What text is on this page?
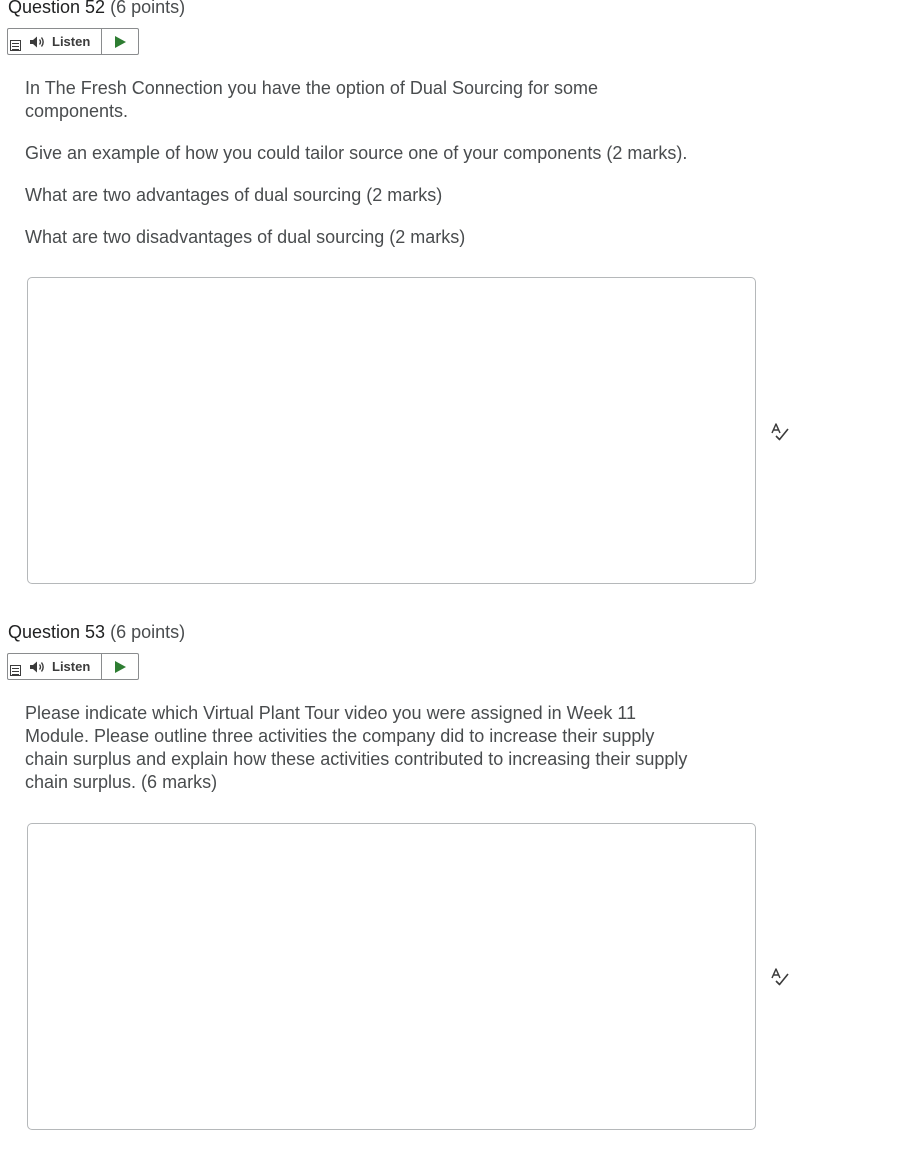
Question 52 (6 points)
Listen

In The Fresh Connection you have the option of Dual Sourcing for some

components.

Give an example of how you could tailor source one of your components (2 marks).

What are two advantages of dual sourcing (2 marks)

What are two disadvantages of dual sourcing (2 marks)

Question 53 (6 points)
Listen

Please indicate which Virtual Plant Tour video you were assigned in Week 11

Module. Please outline three activities the company did to increase their supply

chain surplus and explain how these activities contributed to increasing their supply

chain surplus. (6 marks)
